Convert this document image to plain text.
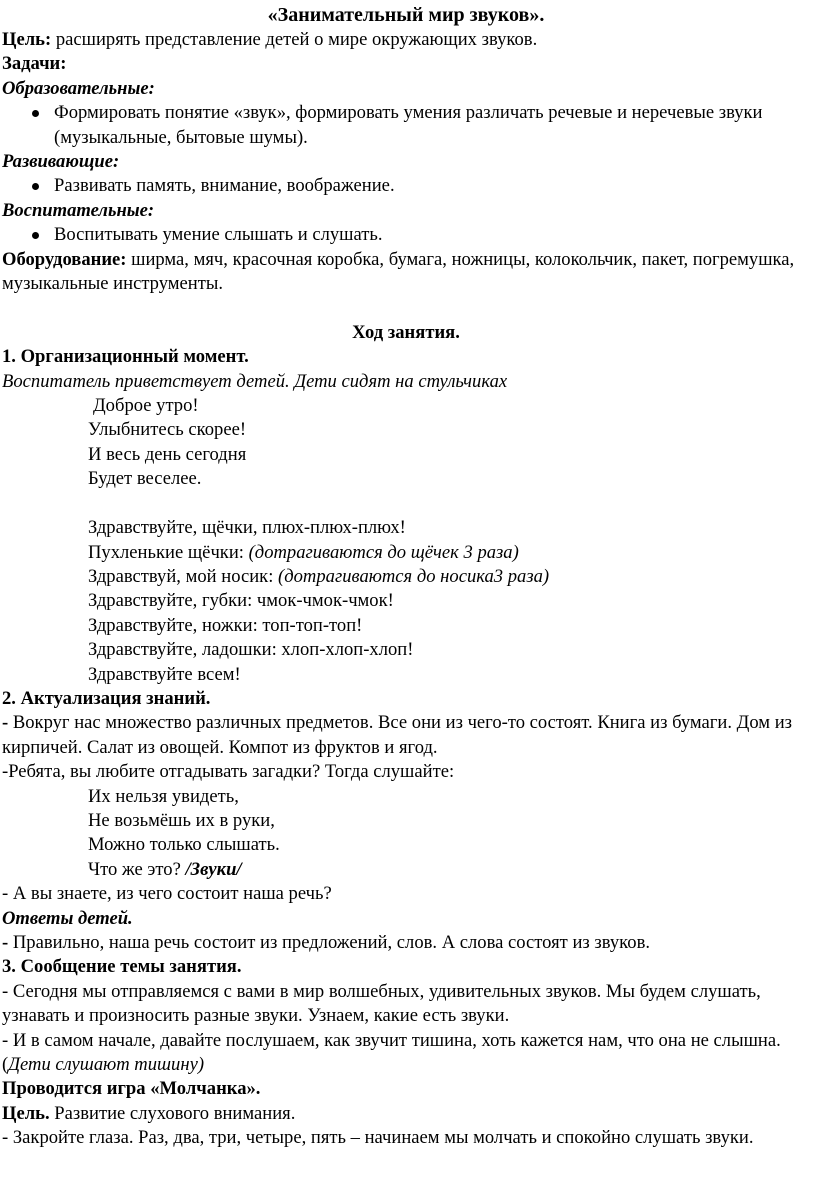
«Занимательный мир звуков».

Цель: расширять представление детей о мире окружающих звуков.

Задачи:

Образовательные:

Формировать понятие «звук», формировать умения различать речевые и неречевые звуки (музыкальные, бытовые шумы).

Развивающие:

Развивать память, внимание, воображение.

Воспитательные:

Воспитывать умение слышать и слушать.

Оборудование: ширма, мяч, красочная коробка, бумага, ножницы, колокольчик, пакет, погремушка, музыкальные инструменты.

Ход занятия.

1. Организационный момент.

Воспитатель приветствует детей. Дети сидят на стульчиках

Доброе утро!
Улыбнитесь скорее!
И весь день сегодня
Будет веселее.
Здравствуйте, щёчки, плюх-плюх-плюх!
Пухленькие щёчки: (дотрагиваются до щёчек 3 раза)
Здравствуй, мой носик: (дотрагиваются до носика3 раза)
Здравствуйте, губки: чмок-чмок-чмок!
Здравствуйте, ножки: топ-топ-топ!
Здравствуйте, ладошки: хлоп-хлоп-хлоп!
Здравствуйте всем!

2. Актуализация знаний.

- Вокруг нас множество различных предметов. Все они из чего-то состоят. Книга из бумаги. Дом из кирпичей. Салат из овощей. Компот из фруктов и ягод.

-Ребята, вы любите отгадывать загадки? Тогда слушайте:

Их нельзя увидеть,
Не возьмёшь их в руки,
Можно только слышать.
Что же это? /Звуки/

- А вы знаете, из чего состоит наша речь?

Ответы детей.

- Правильно, наша речь состоит из предложений, слов. А слова состоят из звуков.

3. Сообщение темы занятия.

- Сегодня мы отправляемся с вами в мир волшебных, удивительных звуков. Мы будем слушать, узнавать и произносить разные звуки. Узнаем, какие есть звуки.

- И в самом начале, давайте послушаем, как звучит тишина, хоть кажется нам, что она не слышна. (Дети слушают тишину)

Проводится игра «Молчанка».

Цель. Развитие слухового внимания.

- Закройте глаза. Раз, два, три, четыре, пять – начинаем мы молчать и спокойно слушать звуки.
